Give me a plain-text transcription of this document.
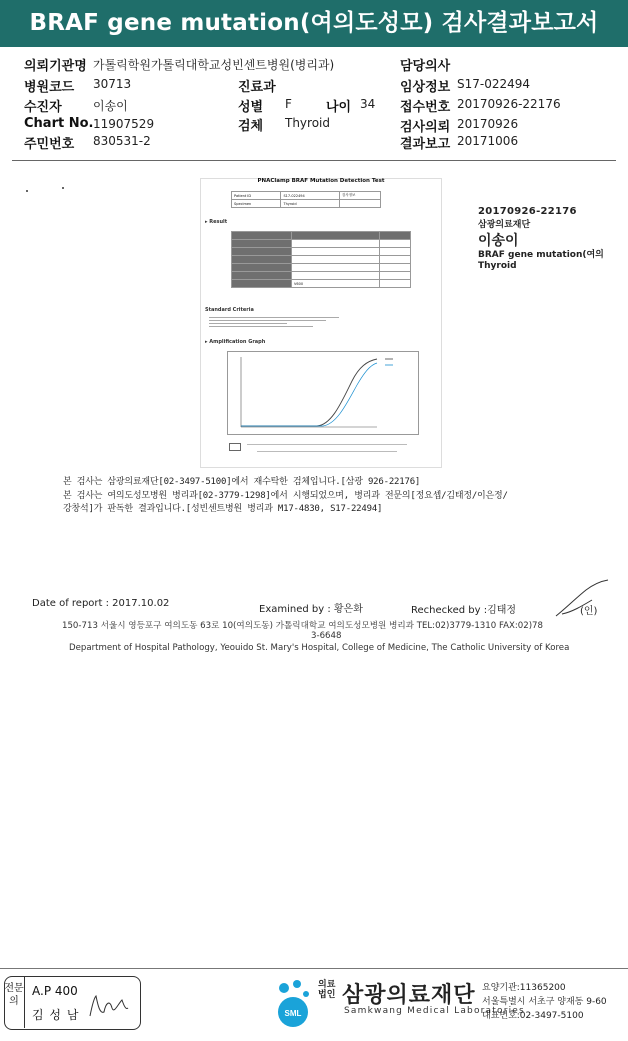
BRAF gene mutation(여의도성모) 검사결과보고서
의뢰기관명 가톨릭학원가톨릭대학교성빈센트병원(병리과)	담당의사
병원코드 30713	진료과	임상정보 S17-022494
수진자	이송이	성별 F	나이 34 접수번호 20170926-22176
Chart No. 11907529	검체 Thyroid	검사의뢰 20170926
주민번호 830531-2	결과보고 20171006
PNAClamp BRAF Mutation Detection Test
Patient ID	S17-022494	검사정보
Specimen	Thyroid	
▸ Result

	V600	
Standard Criteria
▸ Amplification Graph
20170926-22176
삼광의료재단
이송이
BRAF gene mutation(여의
Thyroid
본 검사는 삼광의료재단[02-3497-5100]에서 재수탁한 검체입니다.[삼광 926-22176]
본 검사는 여의도성모병원 병리과[02-3779-1298]에서 시행되었으며, 병리과 전문의[정요셉/김태정/이은정/
강창석]가 판독한 결과입니다.[성빈센트병원 병리과 M17-4830, S17-22494]
Date of report : 2017.10.02
Examined by : 황은화	Rechecked by :김태정	(인)
150-713 서울시 영등포구 여의도동 63로 10(여의도동) 가톨릭대학교 여의도성모병원 병리과 TEL:02)3779-1310 FAX:02)78
3-6648
Department of Hospital Pathology, Yeouido St. Mary's Hospital, College of Medicine, The Catholic University of Korea
전문의
A.P 400
김 성 남	SML
의료
법인 삼광의료재단
Samkwang Medical Laboratories
요양기관:11365200
서울특별시 서초구 양재동 9-60
대표번호:02-3497-5100
